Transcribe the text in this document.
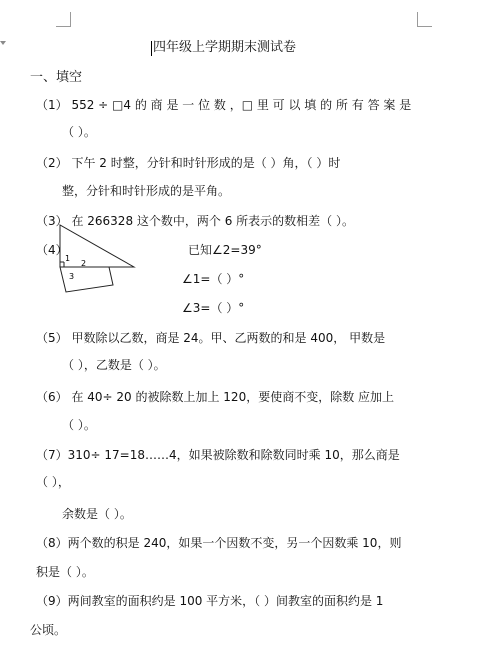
四年级上学期期末测试卷
一、填空
（1） 552 ÷ □4 的 商 是 一 位 数 ，□ 里 可 以 填 的 所 有 答 案 是
（ ）。
（2） 下午 2 时整，分针和时针形成的是（ ）角，（ ）时
整，分针和时针形成的是平角。
（3） 在 266328 这个数中，两个 6 所表示的数相差（ ）。
（4）	已知∠2=39°
∠1=（ ）°
∠3=（ ）°
1
2
3
（5） 甲数除以乙数，商是 24。甲、乙两数的和是 400， 甲数是
（ ），乙数是（ ）。
（6） 在 40÷ 20 的被除数上加上 120，要使商不变，除数 应加上
（ ）。
（7）310÷ 17=18……4，如果被除数和除数同时乘 10，那么商是
（ ），
余数是（ ）。
（8）两个数的积是 240，如果一个因数不变，另一个因数乘 10，则
积是（ ）。
（9）两间教室的面积约是 100 平方米，（ ）间教室的面积约是 1
公顷。
